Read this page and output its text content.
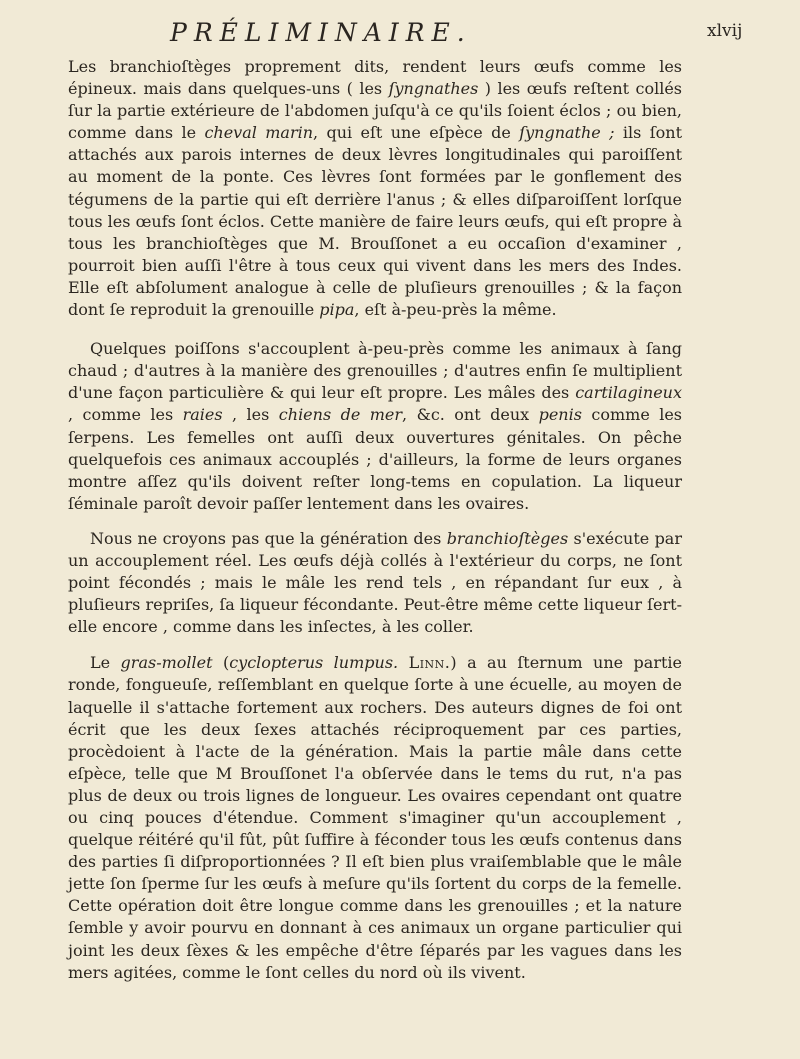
PRÉLIMINAIRE.	xlvij

Les branchioſtèges proprement dits, rendent leurs œufs comme les épineux. mais dans quelques-uns ( les ſyngnathes ) les œufs reſtent collés ſur la partie extérieure de l'abdomen juſqu'à ce qu'ils ſoient éclos ; ou bien, comme dans le cheval marin, qui eſt une eſpèce de ſyngnathe ; ils ſont attachés aux parois internes de deux lèvres longitudinales qui paroiſſent au moment de la ponte. Ces lèvres ſont formées par le gonflement des tégumens de la partie qui eſt derrière l'anus ; & elles diſparoiſſent lorſque tous les œufs ſont éclos. Cette manière de faire leurs œufs, qui eſt propre à tous les branchioſtèges que M. Brouſſonet a eu occaſion d'examiner , pourroit bien auſſi l'être à tous ceux qui vivent dans les mers des Indes. Elle eſt abſolument analogue à celle de pluſieurs grenouilles ; & la façon dont ſe reproduit la grenouille pipa, eſt à-peu-près la même.

Quelques poiſſons s'accouplent à-peu-près comme les animaux à ſang chaud ; d'autres à la manière des grenouilles ; d'autres enfin ſe multiplient d'une façon particulière & qui leur eſt propre. Les mâles des cartilagineux , comme les raies , les chiens de mer, &c. ont deux penis comme les ſerpens. Les femelles ont auſſi deux ouvertures génitales. On pêche quelquefois ces animaux accouplés ; d'ailleurs, la forme de leurs organes montre aſſez qu'ils doivent reſter long-tems en copulation. La liqueur ſéminale paroît devoir paſſer lentement dans les ovaires.

Nous ne croyons pas que la génération des branchioſtèges s'exécute par un accouplement réel. Les œufs déjà collés à l'extérieur du corps, ne ſont point fécondés ; mais le mâle les rend tels , en répandant ſur eux , à pluſieurs repriſes, ſa liqueur fécondante. Peut-être même cette liqueur ſert-elle encore , comme dans les inſectes, à les coller.

Le gras-mollet (cyclopterus lumpus. Linn.) a au ſternum une partie ronde, fongueuſe, reſſemblant en quelque ſorte à une écuelle, au moyen de laquelle il s'attache fortement aux rochers. Des auteurs dignes de foi ont écrit que les deux ſexes attachés réciproquement par ces parties, procèdoient à l'acte de la génération. Mais la partie mâle dans cette eſpèce, telle que M Brouſſonet l'a obſervée dans le tems du rut, n'a pas plus de deux ou trois lignes de longueur. Les ovaires cependant ont quatre ou cinq pouces d'étendue. Comment s'imaginer qu'un accouplement , quelque réitéré qu'il fût, pût ſuffire à féconder tous les œufs contenus dans des parties ſi diſproportionnées ? Il eſt bien plus vraiſemblable que le mâle jette ſon ſperme ſur les œufs à meſure qu'ils ſortent du corps de la femelle. Cette opération doit être longue comme dans les grenouilles ; et la nature ſemble y avoir pourvu en donnant à ces animaux un organe particulier qui joint les deux ſèxes & les empêche d'être ſéparés par les vagues dans les mers agitées, comme le ſont celles du nord où ils vivent.
